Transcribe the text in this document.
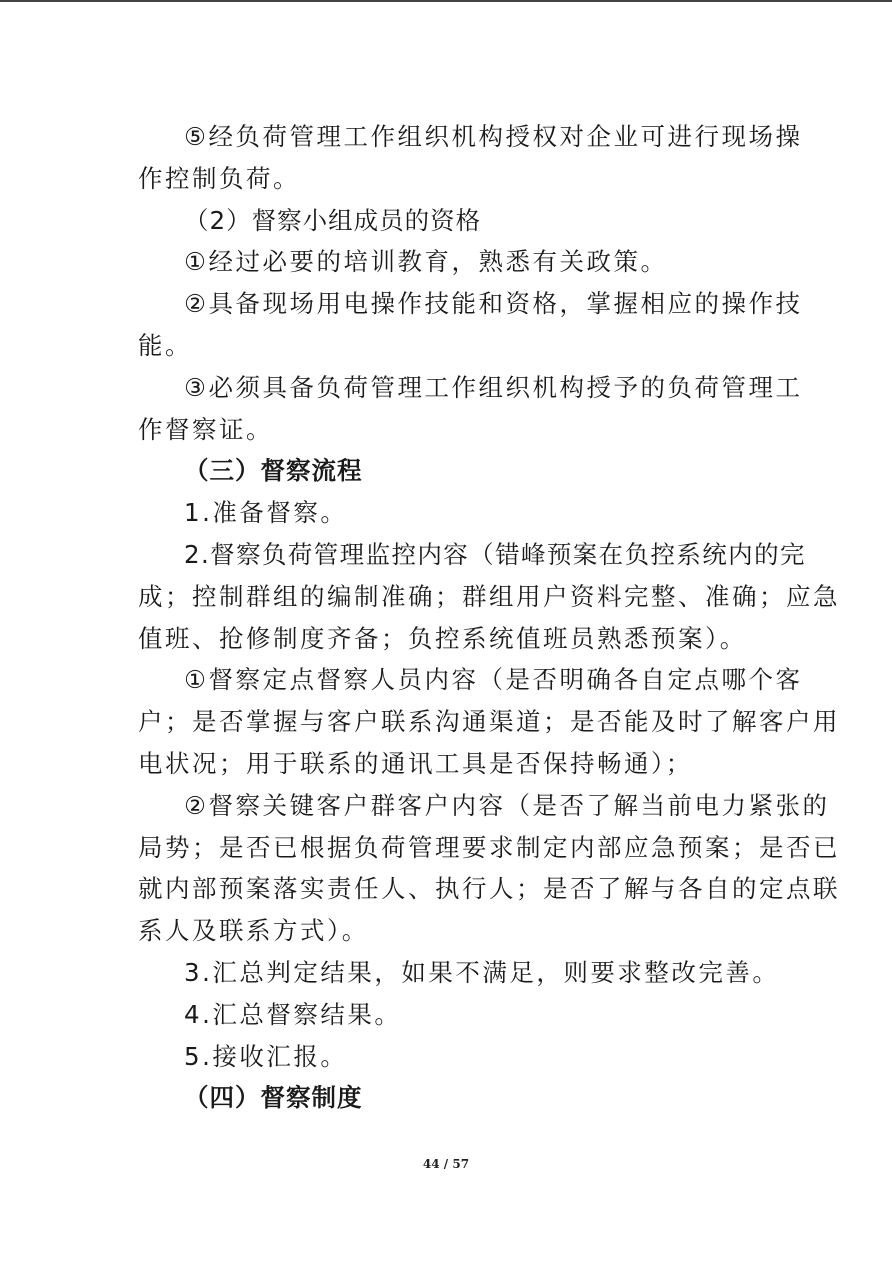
⑤经负荷管理工作组织机构授权对企业可进行现场操
作控制负荷。
（2）督察小组成员的资格
①经过必要的培训教育，熟悉有关政策。
②具备现场用电操作技能和资格，掌握相应的操作技
能。
③必须具备负荷管理工作组织机构授予的负荷管理工
作督察证。
（三）督察流程
1.准备督察。
2.督察负荷管理监控内容（错峰预案在负控系统内的完
成；控制群组的编制准确；群组用户资料完整、准确；应急
值班、抢修制度齐备；负控系统值班员熟悉预案）。
①督察定点督察人员内容（是否明确各自定点哪个客
户；是否掌握与客户联系沟通渠道；是否能及时了解客户用
电状况；用于联系的通讯工具是否保持畅通）；
②督察关键客户群客户内容（是否了解当前电力紧张的
局势；是否已根据负荷管理要求制定内部应急预案；是否已
就内部预案落实责任人、执行人；是否了解与各自的定点联
系人及联系方式）。
3.汇总判定结果，如果不满足，则要求整改完善。
4.汇总督察结果。
5.接收汇报。
（四）督察制度
44 / 57
